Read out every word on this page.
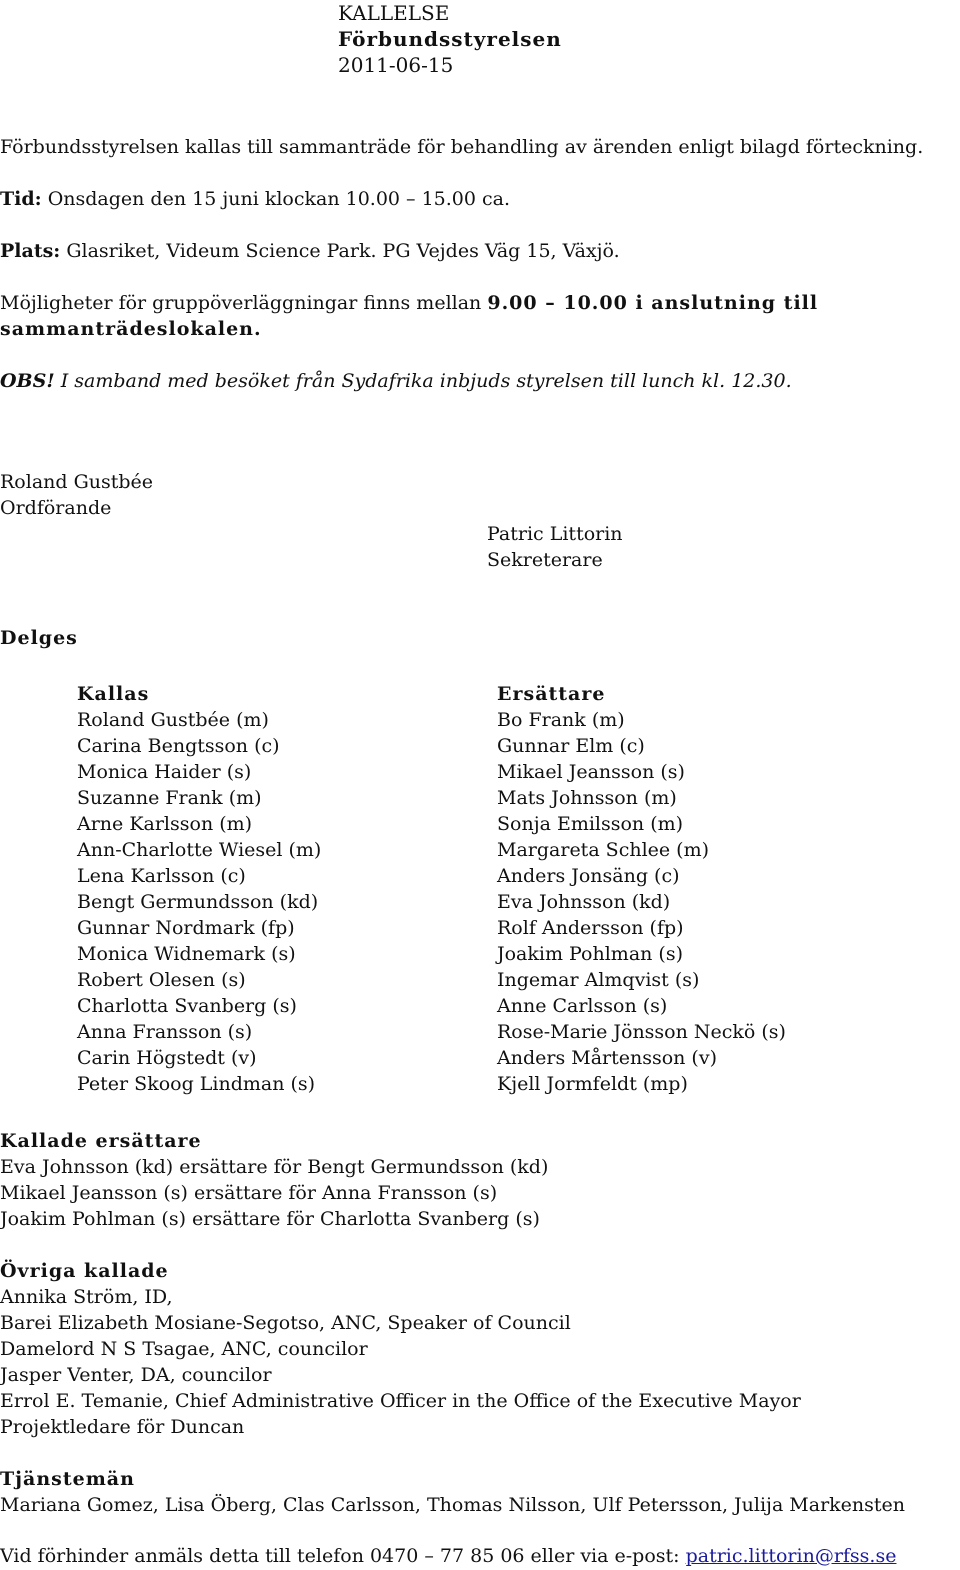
KALLELSE
Förbundsstyrelsen
2011-06-15
Förbundsstyrelsen kallas till sammanträde för behandling av ärenden enligt bilagd förteckning.
Tid: Onsdagen den 15 juni klockan 10.00 – 15.00 ca.
Plats: Glasriket, Videum Science Park. PG Vejdes Väg 15, Växjö.
Möjligheter för gruppöverläggningar finns mellan 9.00 – 10.00 i anslutning till
sammanträdeslokalen.
OBS! I samband med besöket från Sydafrika inbjuds styrelsen till lunch kl. 12.30.
Roland Gustbée
Ordförande
Patric Littorin
Sekreterare
Delges
Kallas
Roland Gustbée (m)
Carina Bengtsson (c)
Monica Haider (s)
Suzanne Frank (m)
Arne Karlsson (m)
Ann-Charlotte Wiesel (m)
Lena Karlsson (c)
Bengt Germundsson (kd)
Gunnar Nordmark (fp)
Monica Widnemark (s)
Robert Olesen (s)
Charlotta Svanberg (s)
Anna Fransson (s)
Carin Högstedt (v)
Peter Skoog Lindman (s)
Ersättare
Bo Frank (m)
Gunnar Elm (c)
Mikael Jeansson (s)
Mats Johnsson (m)
Sonja Emilsson (m)
Margareta Schlee (m)
Anders Jonsäng (c)
Eva Johnsson (kd)
Rolf Andersson (fp)
Joakim Pohlman (s)
Ingemar Almqvist (s)
Anne Carlsson (s)
Rose-Marie Jönsson Neckö (s)
Anders Mårtensson (v)
Kjell Jormfeldt (mp)
Kallade ersättare
Eva Johnsson (kd) ersättare för Bengt Germundsson (kd)
Mikael Jeansson (s) ersättare för Anna Fransson (s)
Joakim Pohlman (s) ersättare för Charlotta Svanberg (s)
Övriga kallade
Annika Ström, ID,
Barei Elizabeth Mosiane-Segotso, ANC, Speaker of Council
Damelord N S Tsagae, ANC, councilor
Jasper Venter, DA, councilor
Errol E. Temanie, Chief Administrative Officer in the Office of the Executive Mayor
Projektledare för Duncan
Tjänstemän
Mariana Gomez, Lisa Öberg, Clas Carlsson, Thomas Nilsson, Ulf Petersson, Julija Markensten
Vid förhinder anmäls detta till telefon 0470 – 77 85 06 eller via e-post: patric.littorin@rfss.se
